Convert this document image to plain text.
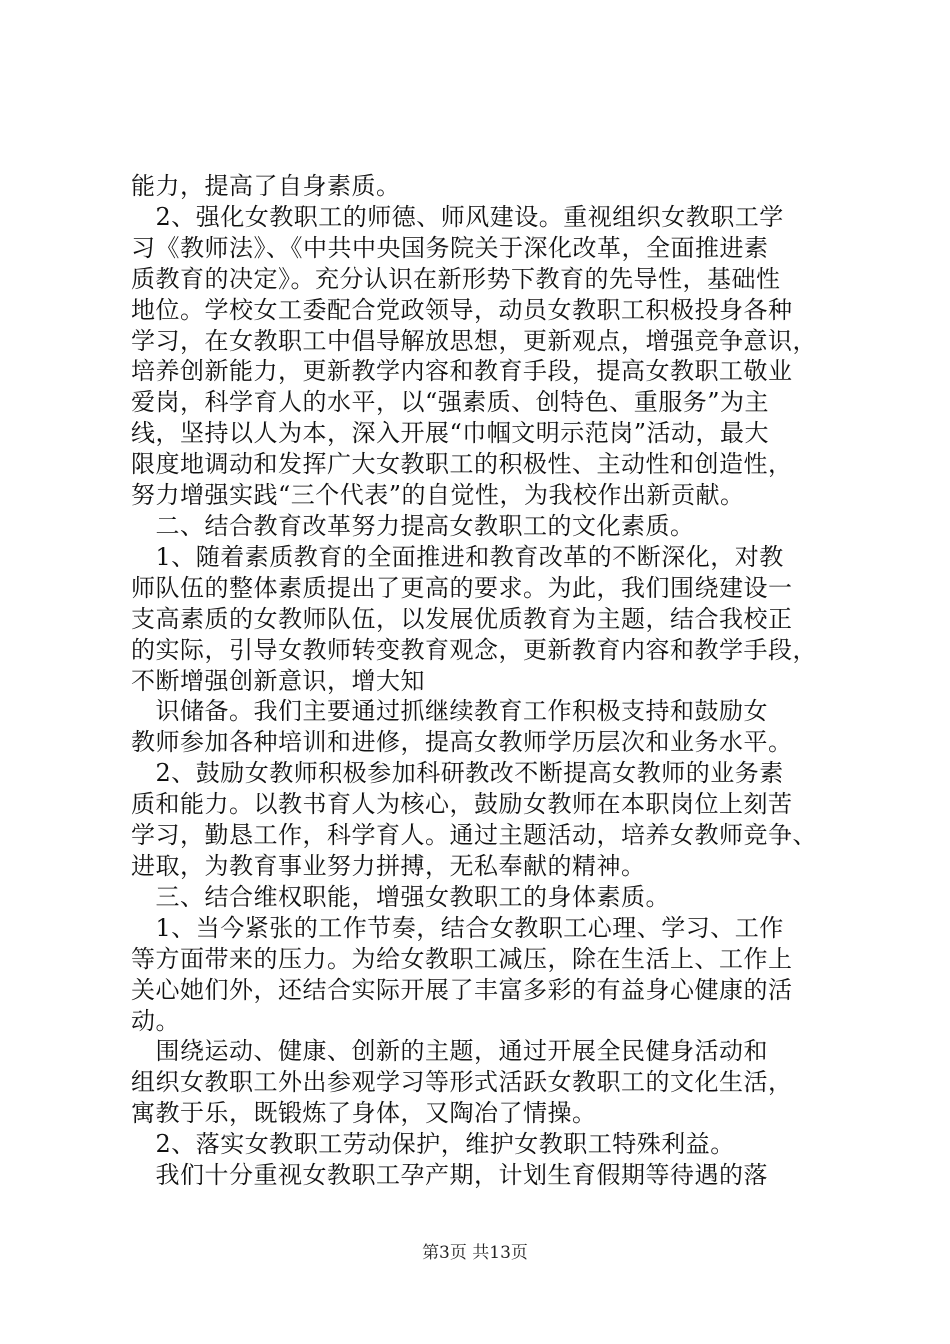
能力，提高了自身素质。
　2、强化女教职工的师德、师风建设。重视组织女教职工学
习《教师法》、《中共中央国务院关于深化改革，全面推进素
质教育的决定》。充分认识在新形势下教育的先导性，基础性
地位。学校女工委配合党政领导，动员女教职工积极投身各种
学习，在女教职工中倡导解放思想，更新观点，增强竞争意识，
培养创新能力，更新教学内容和教育手段，提高女教职工敬业
爱岗，科学育人的水平，以“强素质、创特色、重服务”为主
线，坚持以人为本，深入开展“巾帼文明示范岗”活动，最大
限度地调动和发挥广大女教职工的积极性、主动性和创造性，
努力增强实践“三个代表”的自觉性，为我校作出新贡献。
　二、结合教育改革努力提高女教职工的文化素质。
　1、随着素质教育的全面推进和教育改革的不断深化，对教
师队伍的整体素质提出了更高的要求。为此，我们围绕建设一
支高素质的女教师队伍，以发展优质教育为主题，结合我校正
的实际，引导女教师转变教育观念，更新教育内容和教学手段，
不断增强创新意识，增大知
　识储备。我们主要通过抓继续教育工作积极支持和鼓励女
教师参加各种培训和进修，提高女教师学历层次和业务水平。
　2、鼓励女教师积极参加科研教改不断提高女教师的业务素
质和能力。以教书育人为核心，鼓励女教师在本职岗位上刻苦
学习，勤恳工作，科学育人。通过主题活动，培养女教师竞争、
进取，为教育事业努力拼搏，无私奉献的精神。
　三、结合维权职能，增强女教职工的身体素质。
　1、当今紧张的工作节奏，结合女教职工心理、学习、工作
等方面带来的压力。为给女教职工减压，除在生活上、工作上
关心她们外，还结合实际开展了丰富多彩的有益身心健康的活
动。
　围绕运动、健康、创新的主题，通过开展全民健身活动和
组织女教职工外出参观学习等形式活跃女教职工的文化生活，
寓教于乐，既锻炼了身体，又陶冶了情操。
　2、落实女教职工劳动保护，维护女教职工特殊利益。
　我们十分重视女教职工孕产期，计划生育假期等待遇的落
第3页 共13页
